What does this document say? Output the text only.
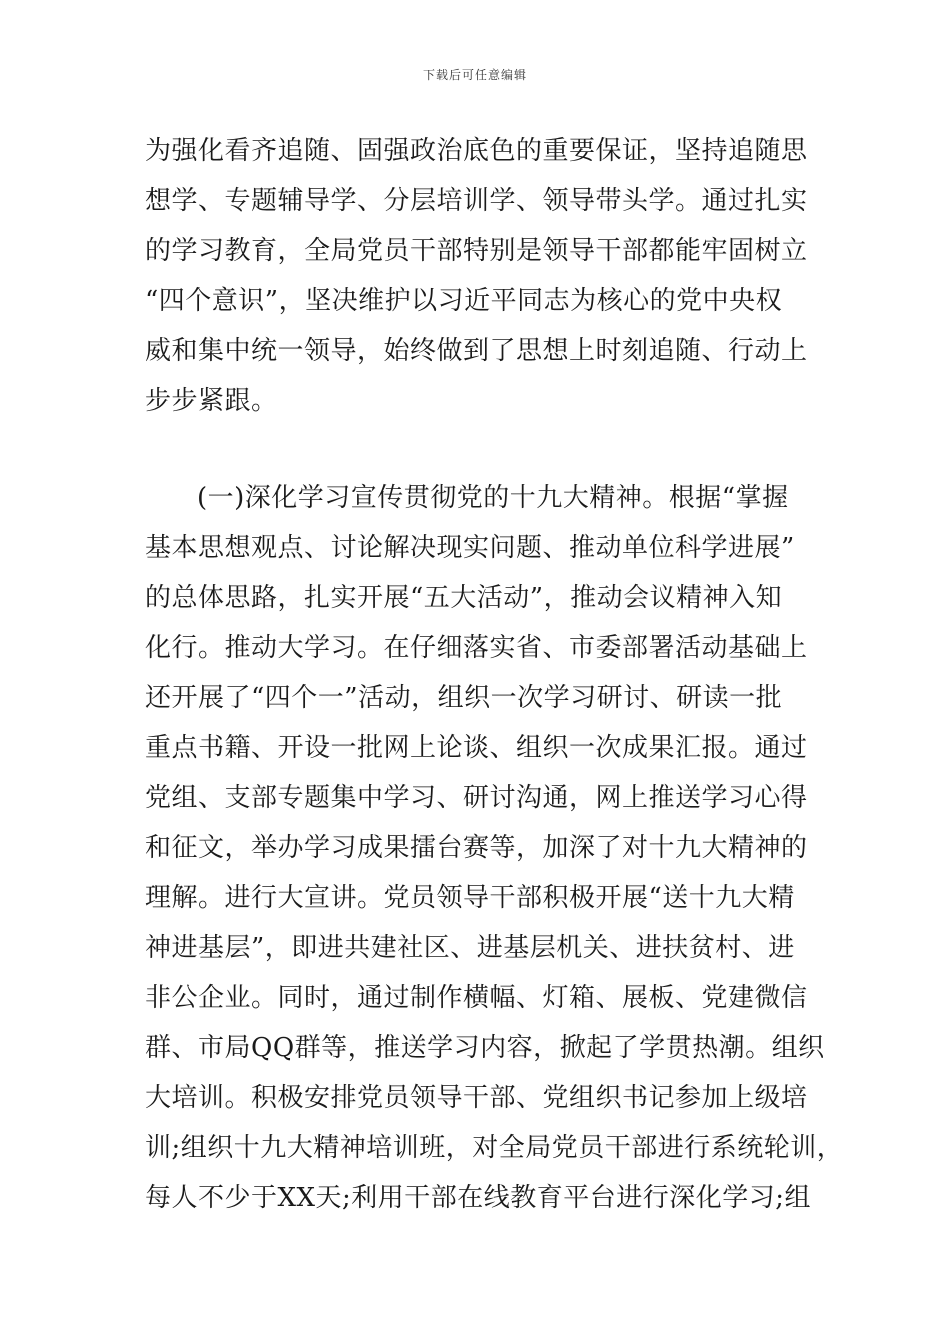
下载后可任意编辑
为强化看齐追随、固强政治底色的重要保证，坚持追随思
想学、专题辅导学、分层培训学、领导带头学。通过扎实
的学习教育，全局党员干部特别是领导干部都能牢固树立
“四个意识”，坚决维护以习近平同志为核心的党中央权
威和集中统一领导，始终做到了思想上时刻追随、行动上
步步紧跟。
(一)深化学习宣传贯彻党的十九大精神。根据“掌握
基本思想观点、讨论解决现实问题、推动单位科学进展”
的总体思路，扎实开展“五大活动”，推动会议精神入知
化行。推动大学习。在仔细落实省、市委部署活动基础上
还开展了“四个一”活动，组织一次学习研讨、研读一批
重点书籍、开设一批网上论谈、组织一次成果汇报。通过
党组、支部专题集中学习、研讨沟通，网上推送学习心得
和征文，举办学习成果擂台赛等，加深了对十九大精神的
理解。进行大宣讲。党员领导干部积极开展“送十九大精
神进基层”，即进共建社区、进基层机关、进扶贫村、进
非公企业。同时，通过制作横幅、灯箱、展板、党建微信
群、市局QQ群等，推送学习内容，掀起了学贯热潮。组织
大培训。积极安排党员领导干部、党组织书记参加上级培
训;组织十九大精神培训班，对全局党员干部进行系统轮训，
每人不少于XX天;利用干部在线教育平台进行深化学习;组
